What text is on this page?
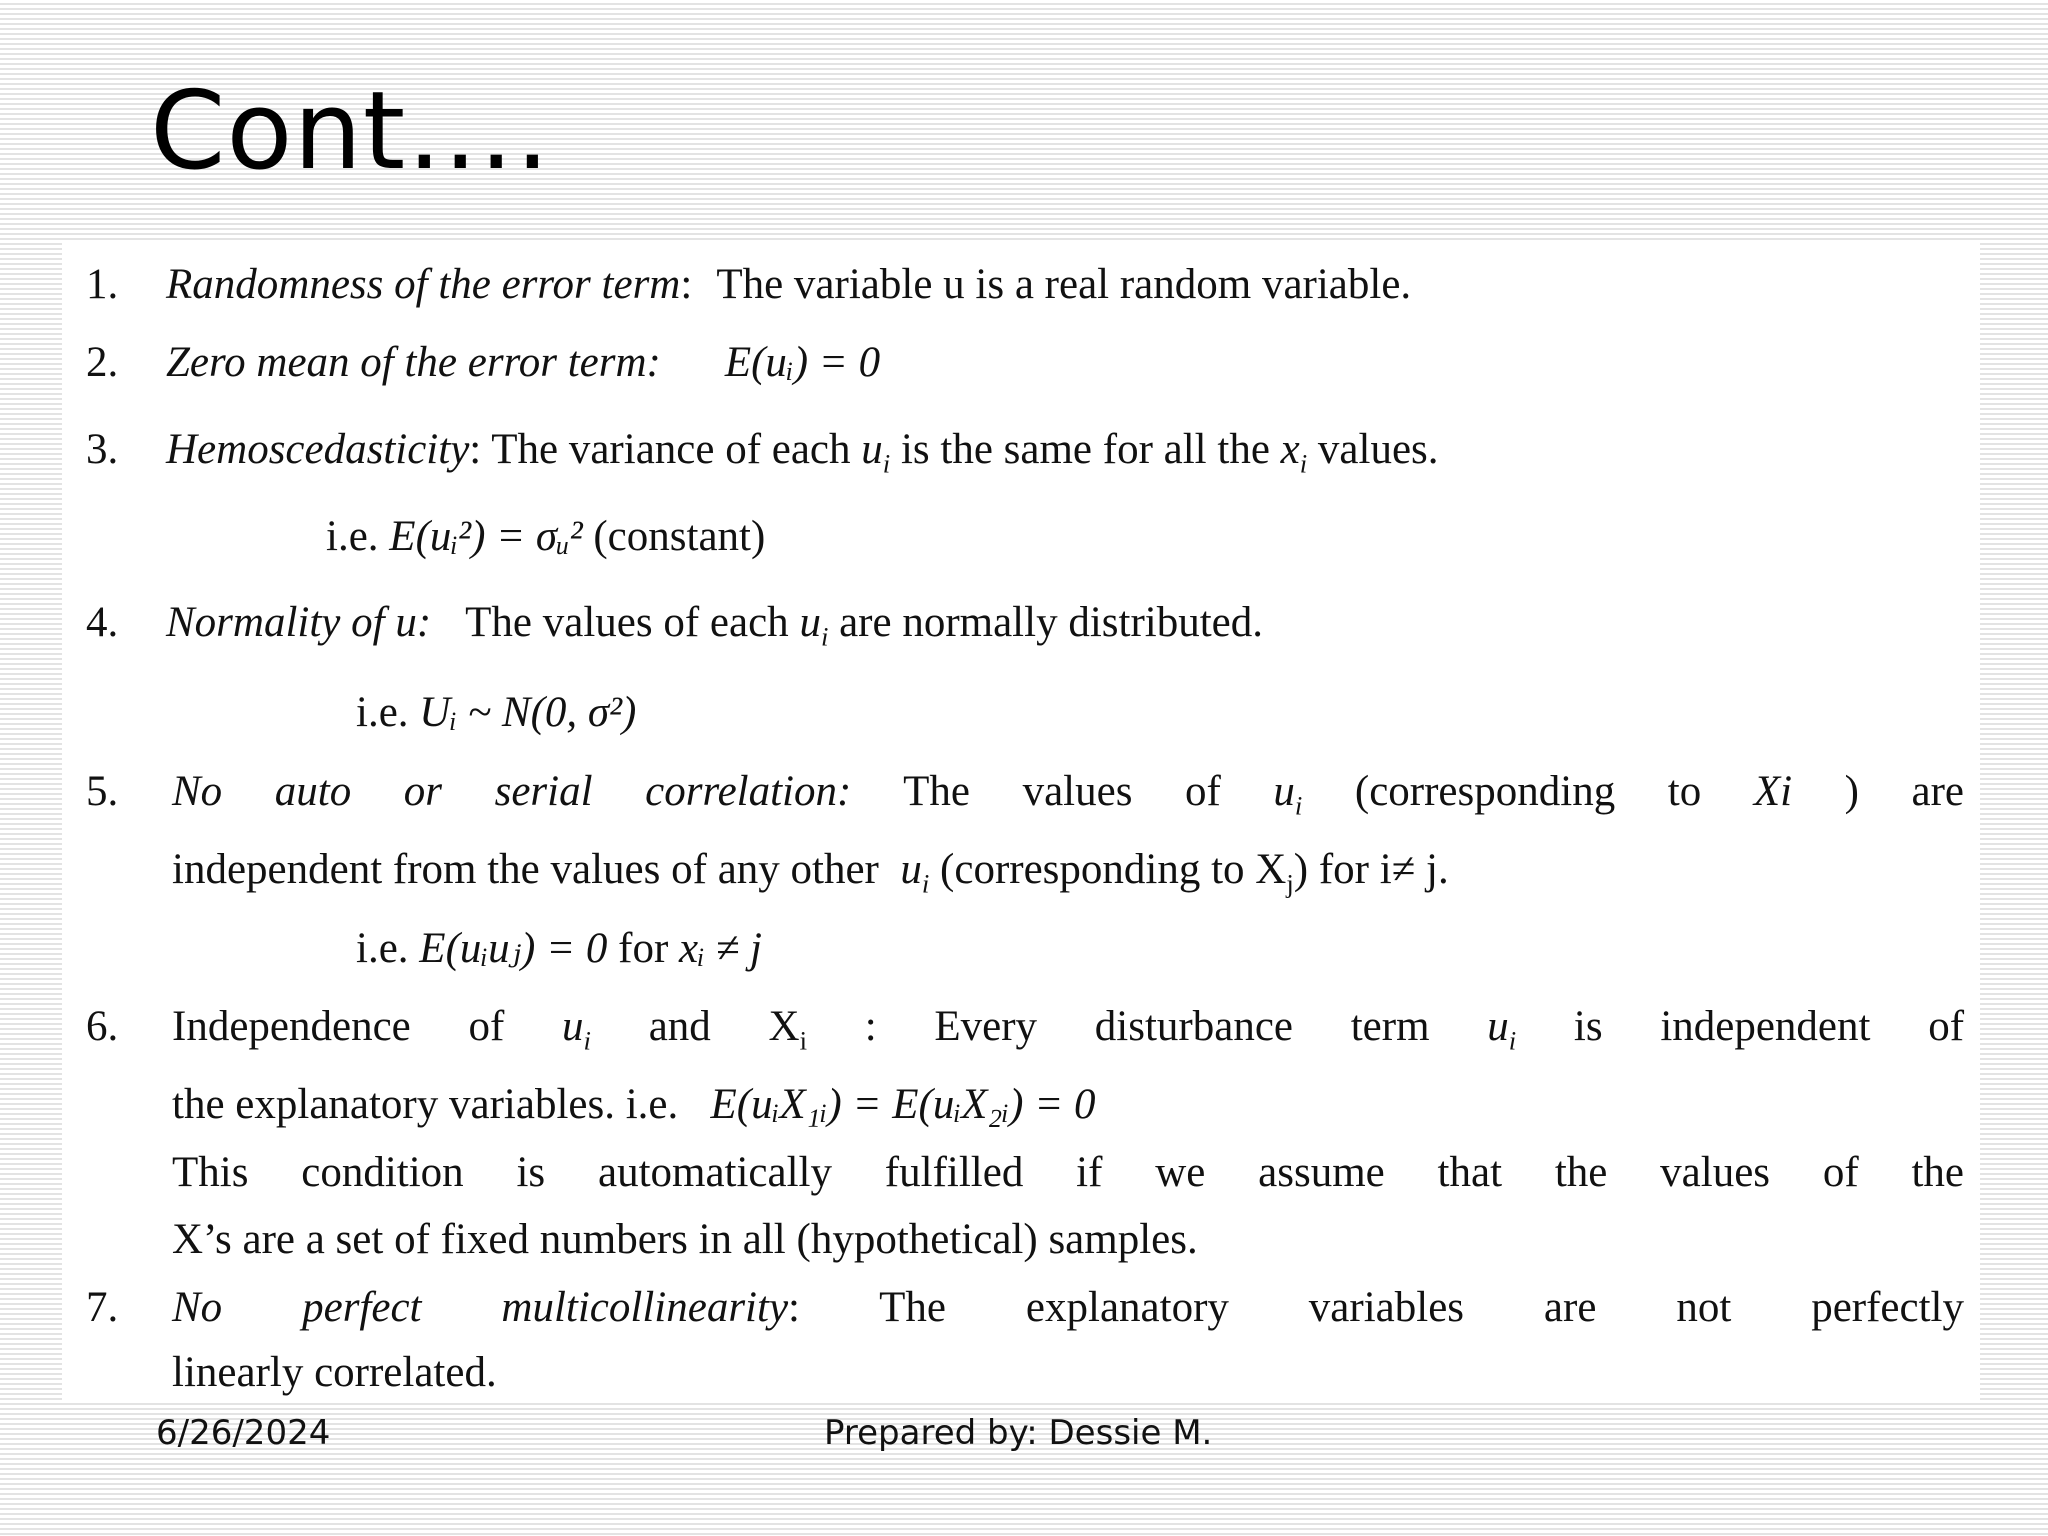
Cont….
1. Randomness of the error term: The variable u is a real random variable.
2. Zero mean of the error term: E(uᵢ) = 0
3. Hemoscedasticity: The variance of each $u_i$ is the same for all the $x_i$ values.
i.e. E(uᵢ²) = σᵤ² (constant)
4. Normality of u: The values of each $u_i$ are normally distributed.
i.e. Uᵢ ~ N(0, σ²)
5. No auto or serial correlation: The values of $u_i$ (corresponding to Xi ) are
independent from the values of any other $u_i$ (corresponding to $X_j$) for i≠ j.
i.e. E(uᵢuⱼ) = 0 for xᵢ ≠ j
6. Independence of $u_i$ and $X_i$ : Every disturbance term $u_i$ is independent of
the explanatory variables. i.e. E(uᵢX₁ᵢ) = E(uᵢX₂ᵢ) = 0
This condition is automatically fulfilled if we assume that the values of the
X’s are a set of fixed numbers in all (hypothetical) samples.
7. No perfect multicollinearity: The explanatory variables are not perfectly
linearly correlated.
6/26/2024	Prepared by: Dessie M.
